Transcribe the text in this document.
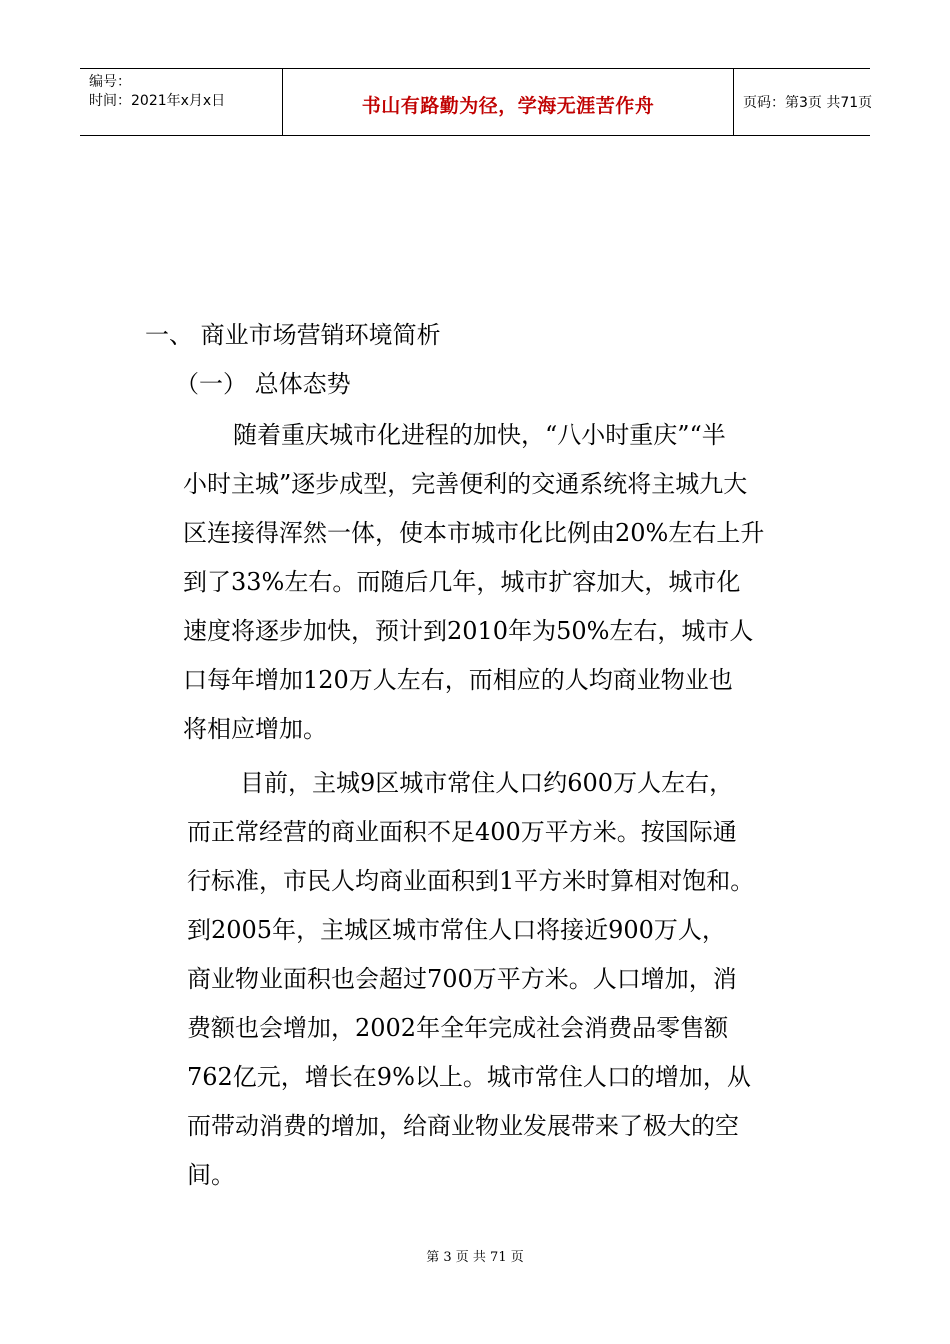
编号：
时间：2021年x月x日	书山有路勤为径，学海无涯苦作舟	页码：第3页 共71页
一、 商业市场营销环境简析
（一） 总体态势
随着重庆城市化进程的加快，“八小时重庆”“半
小时主城”逐步成型，完善便利的交通系统将主城九大
区连接得浑然一体，使本市城市化比例由20%左右上升
到了33%左右。而随后几年，城市扩容加大，城市化
速度将逐步加快，预计到2010年为50%左右，城市人
口每年增加120万人左右，而相应的人均商业物业也
将相应增加。
目前，主城9区城市常住人口约600万人左右，
而正常经营的商业面积不足400万平方米。按国际通
行标准，市民人均商业面积到1平方米时算相对饱和。
到2005年，主城区城市常住人口将接近900万人，
商业物业面积也会超过700万平方米。人口增加，消
费额也会增加，2002年全年完成社会消费品零售额
762亿元，增长在9%以上。城市常住人口的增加，从
而带动消费的增加，给商业物业发展带来了极大的空
间。
第 3 页 共 71 页
